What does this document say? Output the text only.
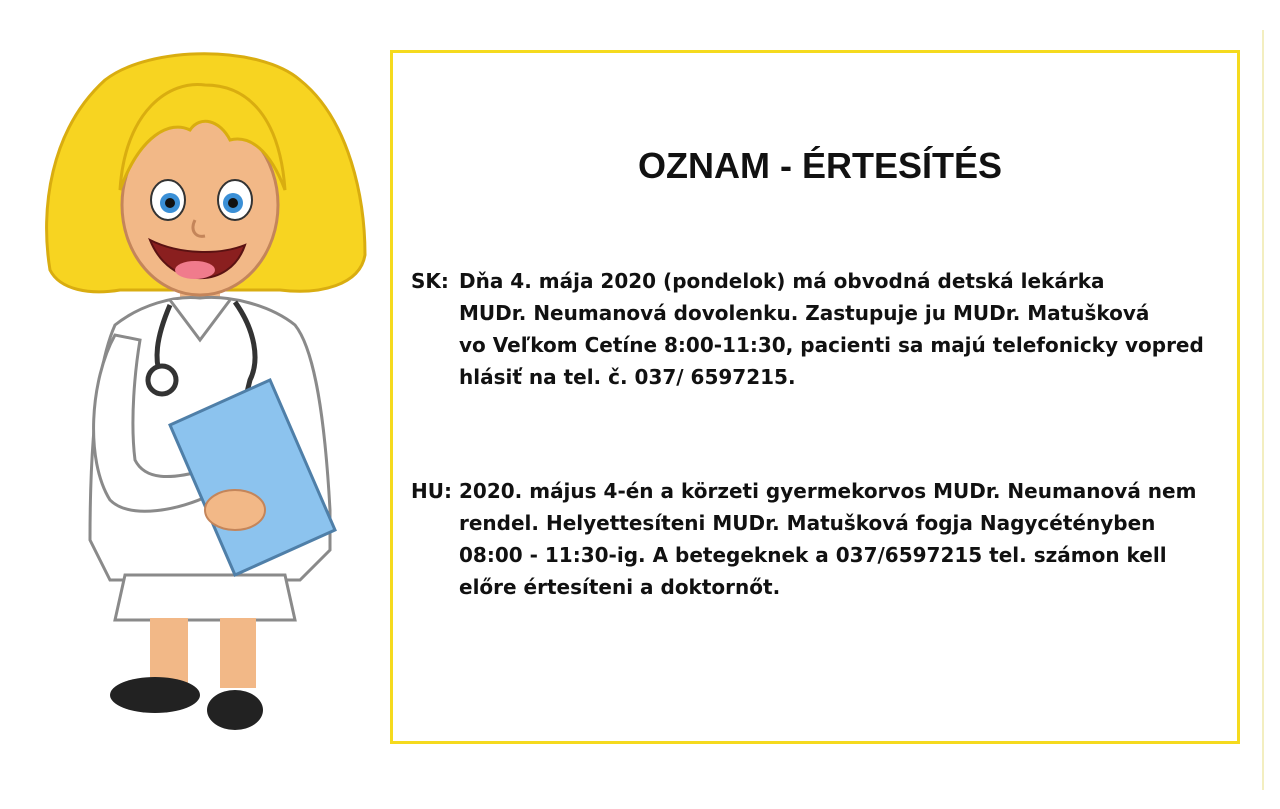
OZNAM - ÉRTESÍTÉS
SK: Dňa 4. mája 2020 (pondelok) má obvodná detská lekárka
MUDr. Neumanová dovolenku. Zastupuje ju MUDr. Matušková
vo Veľkom Cetíne 8:00-11:30, pacienti sa majú telefonicky vopred
hlásiť na tel. č. 037/ 6597215.
HU: 2020. május 4-én a körzeti gyermekorvos MUDr. Neumanová nem
rendel. Helyettesíteni MUDr. Matušková fogja Nagycétényben
08:00 - 11:30-ig. A betegeknek a 037/6597215 tel. számon kell
előre értesíteni a doktornőt.
